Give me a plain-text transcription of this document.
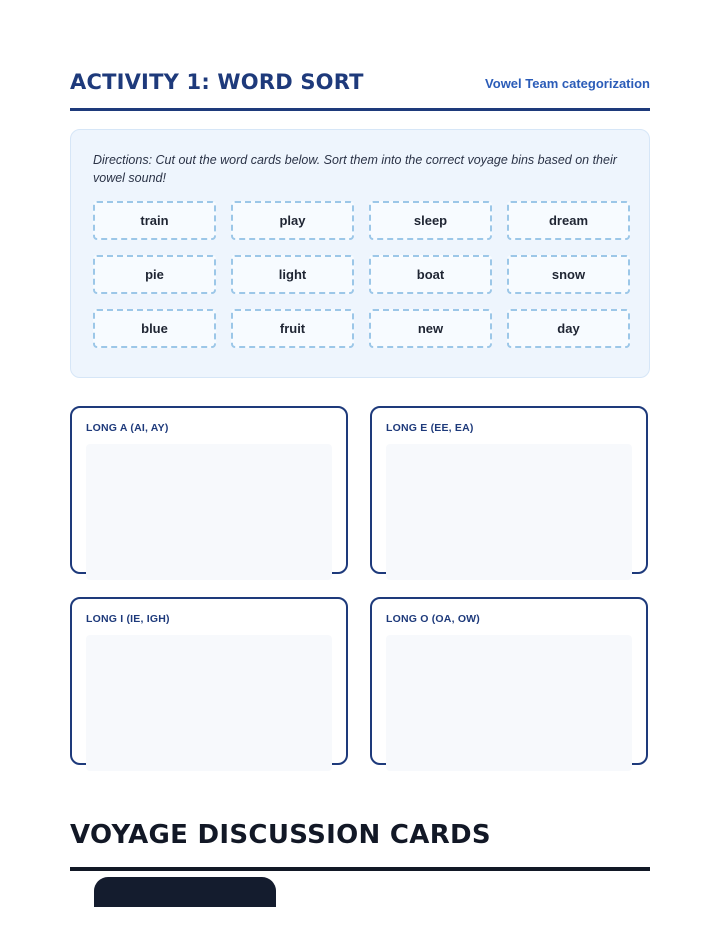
ACTIVITY 1: WORD SORT	Vowel Team categorization
Directions: Cut out the word cards below. Sort them into the correct voyage bins based on their vowel sound!
train	play	sleep	dream
pie	light	boat	snow
blue	fruit	new	day
LONG A (AI, AY)	LONG E (EE, EA)
LONG I (IE, IGH)	LONG O (OA, OW)
VOYAGE DISCUSSION CARDS
